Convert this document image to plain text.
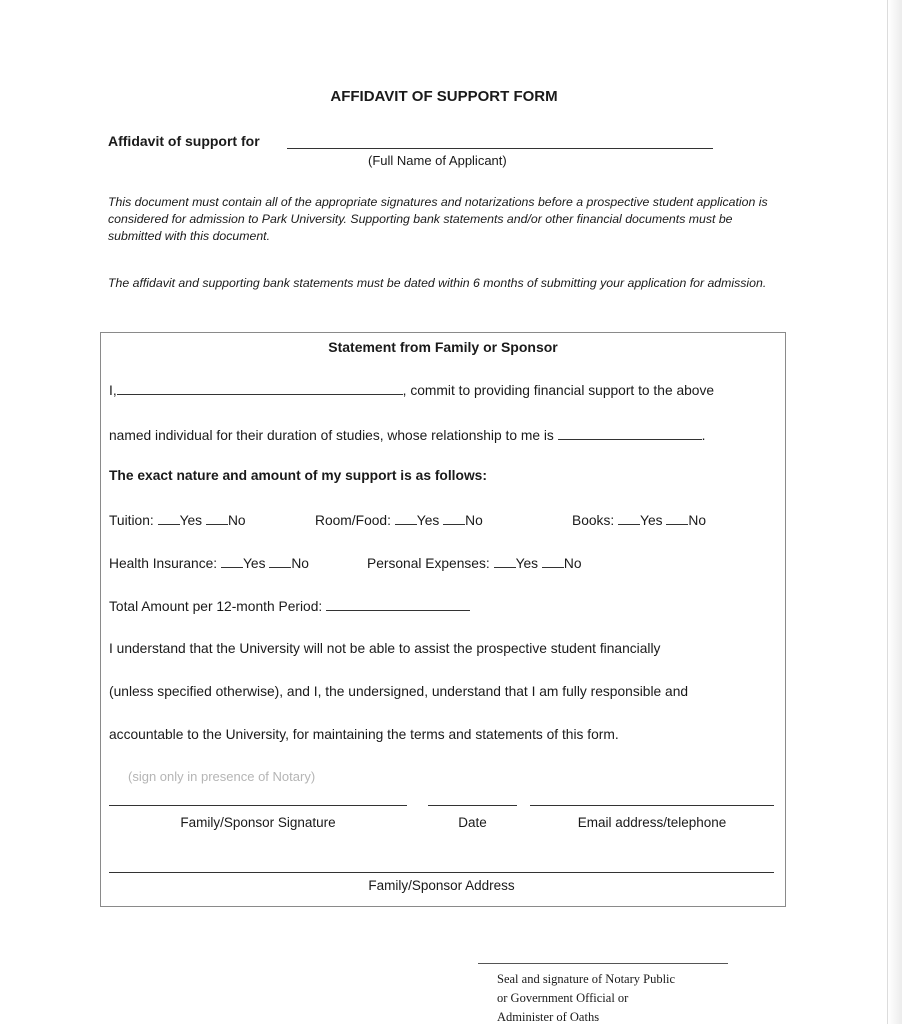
AFFIDAVIT OF SUPPORT FORM
Affidavit of support for
(Full Name of Applicant)
This document must contain all of the appropriate signatures and notarizations before a prospective student application is considered for admission to Park University. Supporting bank statements and/or other financial documents must be submitted with this document.
The affidavit and supporting bank statements must be dated within 6 months of submitting your application for admission.
Statement from Family or Sponsor
I,	, commit to providing financial support to the above
named individual for their duration of studies, whose relationship to me is	.
The exact nature and amount of my support is as follows:
Tuition: Yes No	Room/Food: Yes No	Books: Yes No
Health Insurance: Yes No	Personal Expenses: Yes No
Total Amount per 12-month Period:
I understand that the University will not be able to assist the prospective student financially
(unless specified otherwise), and I, the undersigned, understand that I am fully responsible and
accountable to the University, for maintaining the terms and statements of this form.
(sign only in presence of Notary)
Family/Sponsor Signature	Date	Email address/telephone
Family/Sponsor Address
Seal and signature of Notary Public
or Government Official or
Administer of Oaths
